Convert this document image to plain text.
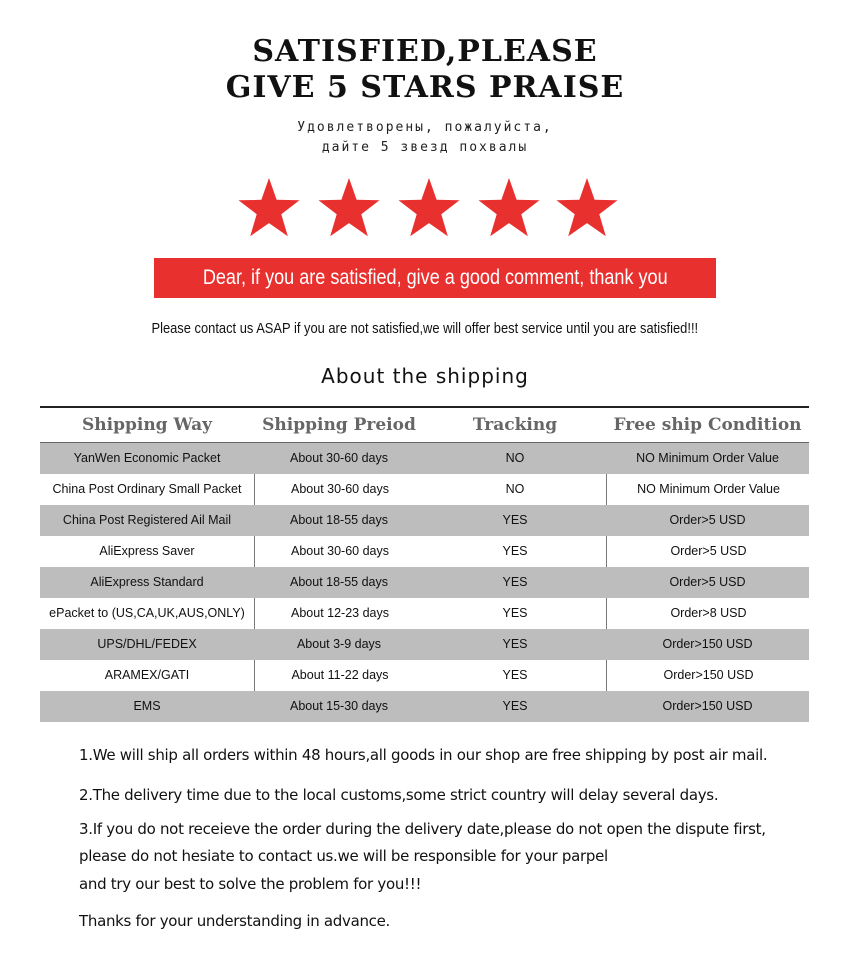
SATISFIED,PLEASE
GIVE 5 STARS PRAISE
Удовлетворены, пожалуйста,
дайте 5 звезд похвалы
Dear, if you are satisfied, give a good comment, thank you
Please contact us ASAP if you are not satisfied,we will offer best service until you are satisfied!!!
About the shipping
Shipping Way	Shipping Preiod	Tracking	Free ship Condition
YanWen Economic Packet	About 30-60 days	NO	NO Minimum Order Value
China Post Ordinary Small Packet	About 30-60 days	NO	NO Minimum Order Value
China Post Registered Ail Mail	About 18-55 days	YES	Order>5 USD
AliExpress Saver	About 30-60 days	YES	Order>5 USD
AliExpress Standard	About 18-55 days	YES	Order>5 USD
ePacket to (US,CA,UK,AUS,ONLY)	About 12-23 days	YES	Order>8 USD
UPS/DHL/FEDEX	About 3-9 days	YES	Order>150 USD
ARAMEX/GATI	About 11-22 days	YES	Order>150 USD
EMS	About 15-30 days	YES	Order>150 USD
1.We will ship all orders within 48 hours,all goods in our shop are free shipping by post air mail.
2.The delivery time due to the local customs,some strict country will delay several days.
3.If you do not receieve the order during the delivery date,please do not open the dispute first,
please do not hesiate to contact us.we will be responsible for your parpel
and try our best to solve the problem for you!!!
Thanks for your understanding in advance.
